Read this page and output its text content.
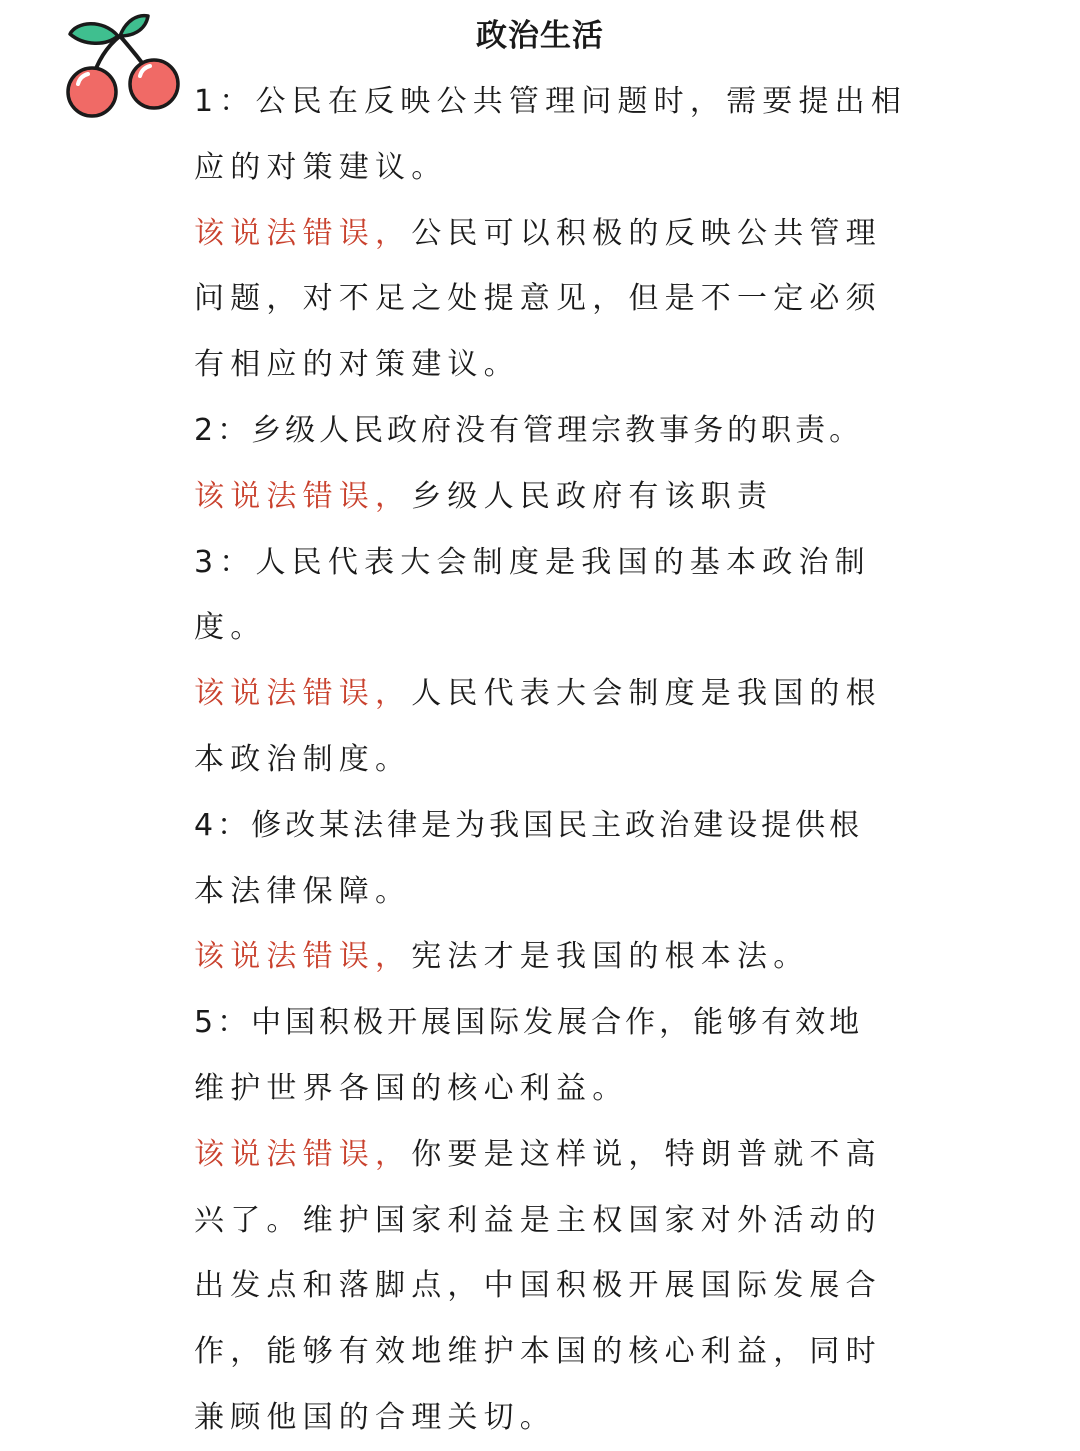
政治生活
1：公民在反映公共管理问题时，需要提出相
应的对策建议。
该说法错误，公民可以积极的反映公共管理
问题，对不足之处提意见，但是不一定必须
有相应的对策建议。
2：乡级人民政府没有管理宗教事务的职责。
该说法错误，乡级人民政府有该职责
3：人民代表大会制度是我国的基本政治制
度。
该说法错误，人民代表大会制度是我国的根
本政治制度。
4：修改某法律是为我国民主政治建设提供根
本法律保障。
该说法错误，宪法才是我国的根本法。
5：中国积极开展国际发展合作，能够有效地
维护世界各国的核心利益。
该说法错误，你要是这样说，特朗普就不高
兴了。维护国家利益是主权国家对外活动的
出发点和落脚点，中国积极开展国际发展合
作，能够有效地维护本国的核心利益，同时
兼顾他国的合理关切。
